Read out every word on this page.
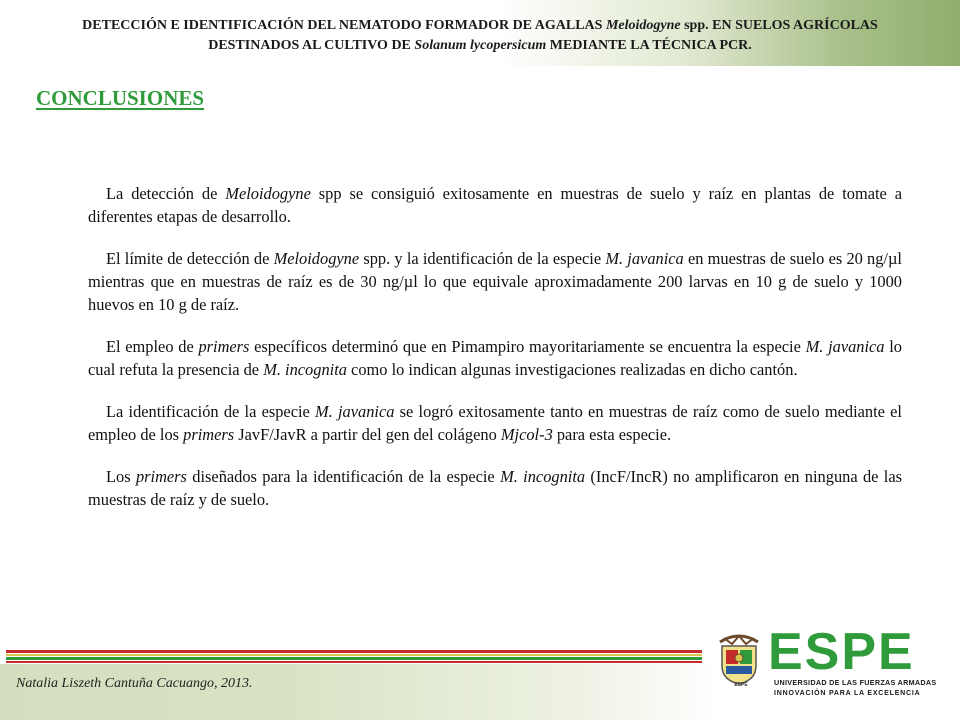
DETECCIÓN E IDENTIFICACIÓN DEL NEMATODO FORMADOR DE AGALLAS Meloidogyne spp. EN SUELOS AGRÍCOLAS DESTINADOS AL CULTIVO DE Solanum lycopersicum MEDIANTE LA TÉCNICA PCR.
CONCLUSIONES

La detección de Meloidogyne spp se consiguió exitosamente en muestras de suelo y raíz en plantas de tomate a diferentes etapas de desarrollo.

El límite de detección de Meloidogyne spp. y la identificación de la especie M. javanica en muestras de suelo es 20 ng/µl mientras que en muestras de raíz es de 30 ng/µl lo que equivale aproximadamente 200 larvas en 10 g de suelo y 1000 huevos en 10 g de raíz.

El empleo de primers específicos determinó que en Pimampiro mayoritariamente se encuentra la especie M. javanica lo cual refuta la presencia de M. incognita como lo indican algunas investigaciones realizadas en dicho cantón.

La identificación de la especie M. javanica se logró exitosamente tanto en muestras de raíz como de suelo mediante el empleo de los primers JavF/JavR a partir del gen del colágeno Mjcol-3 para esta especie.

Los primers diseñados para la identificación de la especie M. incognita (IncF/IncR) no amplificaron en ninguna de las muestras de raíz y de suelo.

Natalia Liszeth Cantuña Cacuango, 2013.	ESPE
ESPE
UNIVERSIDAD DE LAS FUERZAS ARMADAS
INNOVACIÓN PARA LA EXCELENCIA
